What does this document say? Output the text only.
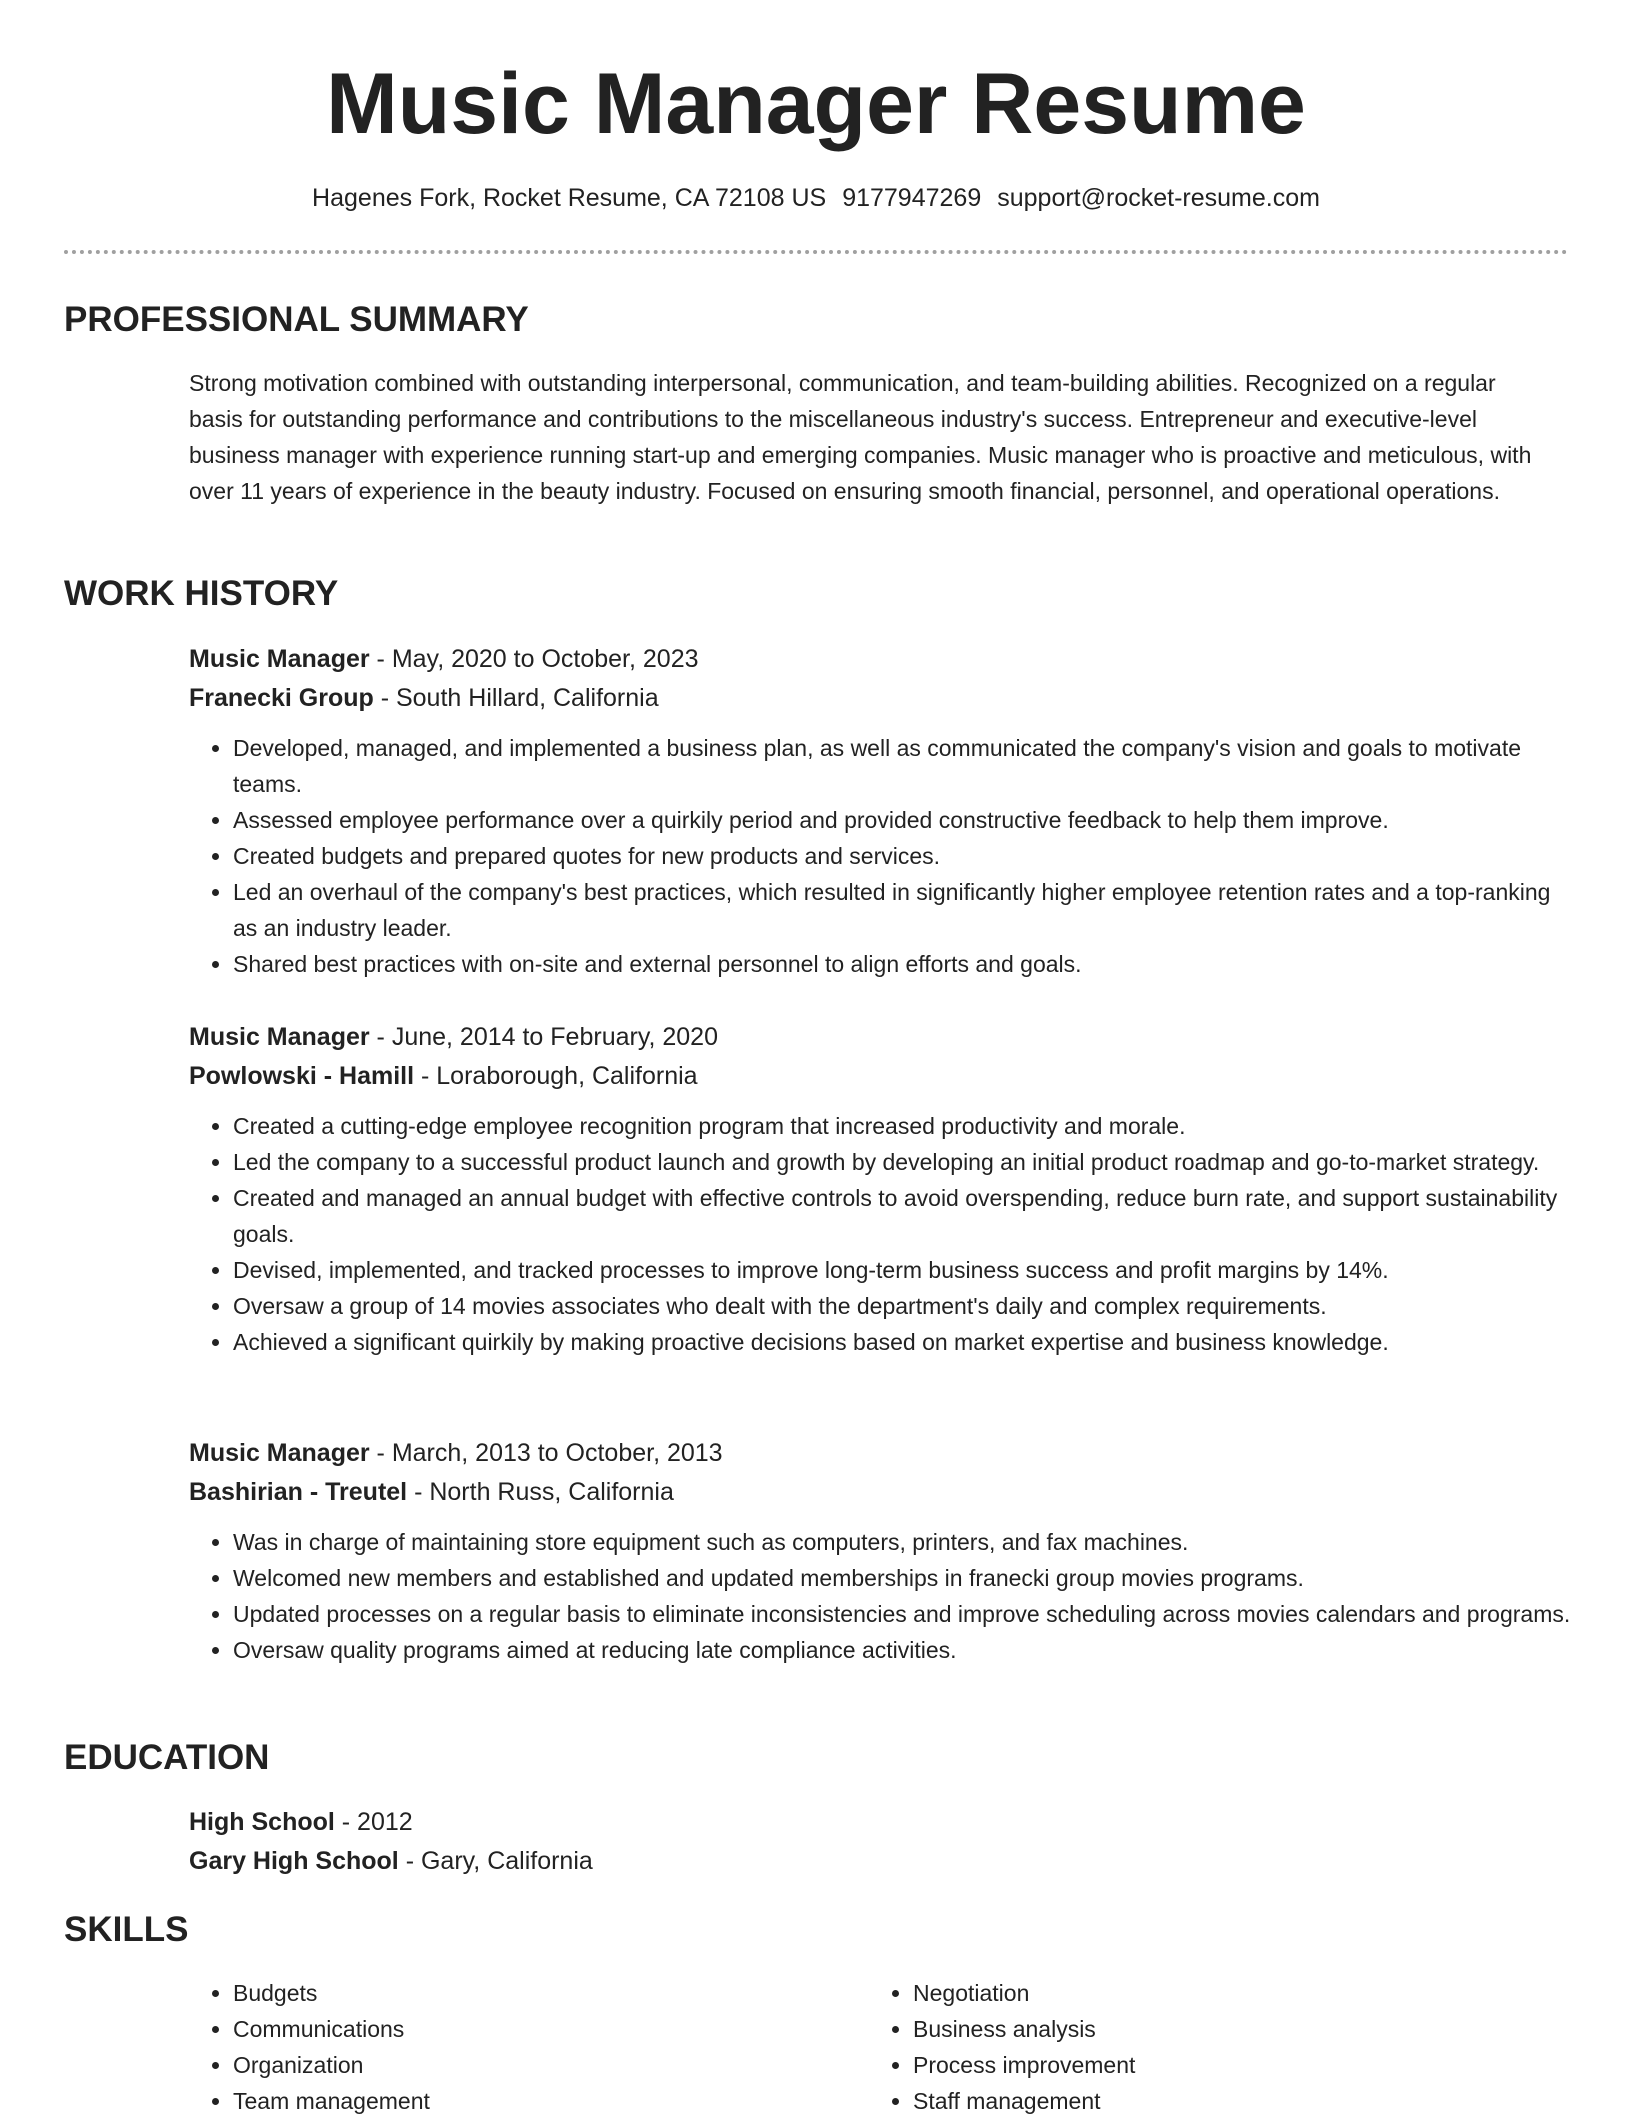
Music Manager Resume
Hagenes Fork, Rocket Resume, CA 72108 US 9177947269 support@rocket-resume.com
PROFESSIONAL SUMMARY

Strong motivation combined with outstanding interpersonal, communication, and team-building abilities. Recognized on a regular basis for outstanding performance and contributions to the miscellaneous industry's success. Entrepreneur and executive-level business manager with experience running start-up and emerging companies. Music manager who is proactive and meticulous, with over 11 years of experience in the beauty industry. Focused on ensuring smooth financial, personnel, and operational operations.

WORK HISTORY
Music Manager - May, 2020 to October, 2023
Franecki Group - South Hillard, California
• Developed, managed, and implemented a business plan, as well as communicated the company's vision and goals to motivate teams.
• Assessed employee performance over a quirkily period and provided constructive feedback to help them improve.
• Created budgets and prepared quotes for new products and services.
• Led an overhaul of the company's best practices, which resulted in significantly higher employee retention rates and a top-ranking as an industry leader.
• Shared best practices with on-site and external personnel to align efforts and goals.
Music Manager - June, 2014 to February, 2020
Powlowski - Hamill - Loraborough, California
• Created a cutting-edge employee recognition program that increased productivity and morale.
• Led the company to a successful product launch and growth by developing an initial product roadmap and go-to-market strategy.
• Created and managed an annual budget with effective controls to avoid overspending, reduce burn rate, and support sustainability goals.
• Devised, implemented, and tracked processes to improve long-term business success and profit margins by 14%.
• Oversaw a group of 14 movies associates who dealt with the department's daily and complex requirements.
• Achieved a significant quirkily by making proactive decisions based on market expertise and business knowledge.
Music Manager - March, 2013 to October, 2013
Bashirian - Treutel - North Russ, California
• Was in charge of maintaining store equipment such as computers, printers, and fax machines.
• Welcomed new members and established and updated memberships in franecki group movies programs.
• Updated processes on a regular basis to eliminate inconsistencies and improve scheduling across movies calendars and programs.
• Oversaw quality programs aimed at reducing late compliance activities.
EDUCATION
High School - 2012
Gary High School - Gary, California
SKILLS
• Budgets
• Communications
• Organization
• Team management
• Negotiation
• Business analysis
• Process improvement
• Staff management
